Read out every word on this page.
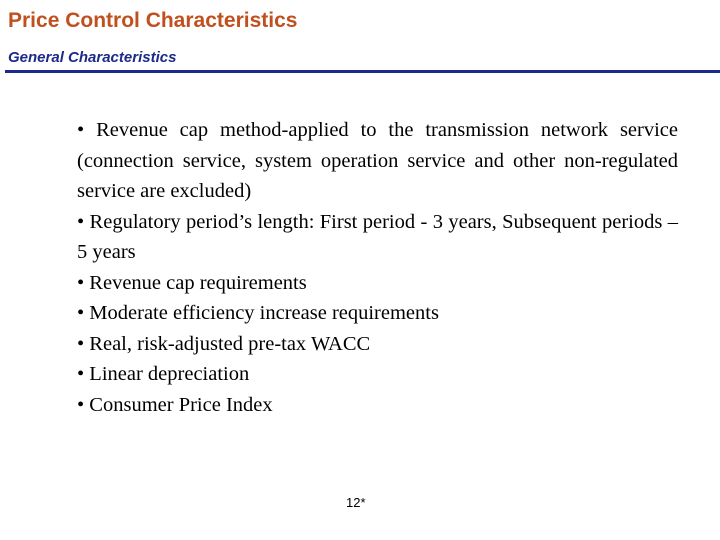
Price Control Characteristics
General Characteristics
• Revenue cap method-applied to the transmission network service (connection service, system operation service and other non-regulated service are excluded)
• Regulatory period’s length: First period - 3 years, Subsequent periods – 5 years
• Revenue cap requirements
• Moderate efficiency increase requirements
• Real, risk-adjusted pre-tax WACC
• Linear depreciation
• Consumer Price Index
12*
